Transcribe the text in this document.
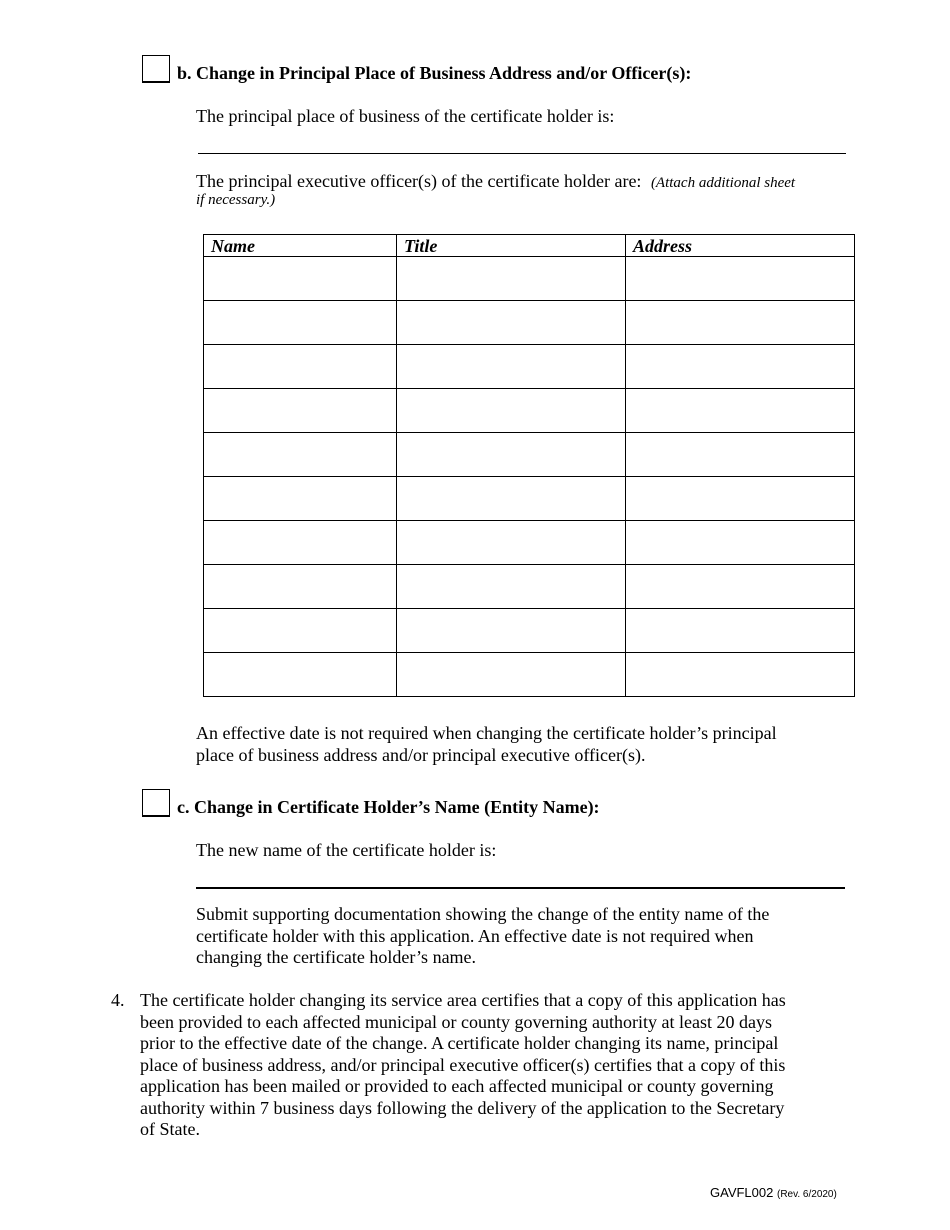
b. Change in Principal Place of Business Address and/or Officer(s):
The principal place of business of the certificate holder is:
The principal executive officer(s) of the certificate holder are: (Attach additional sheet
if necessary.)
Name	Title	Address

An effective date is not required when changing the certificate holder’s principal
place of business address and/or principal executive officer(s).
c. Change in Certificate Holder’s Name (Entity Name):
The new name of the certificate holder is:
Submit supporting documentation showing the change of the entity name of the
certificate holder with this application. An effective date is not required when
changing the certificate holder’s name.
4. The certificate holder changing its service area certifies that a copy of this application has
been provided to each affected municipal or county governing authority at least 20 days
prior to the effective date of the change. A certificate holder changing its name, principal
place of business address, and/or principal executive officer(s) certifies that a copy of this
application has been mailed or provided to each affected municipal or county governing
authority within 7 business days following the delivery of the application to the Secretary
of State.
GAVFL002 (Rev. 6/2020)
